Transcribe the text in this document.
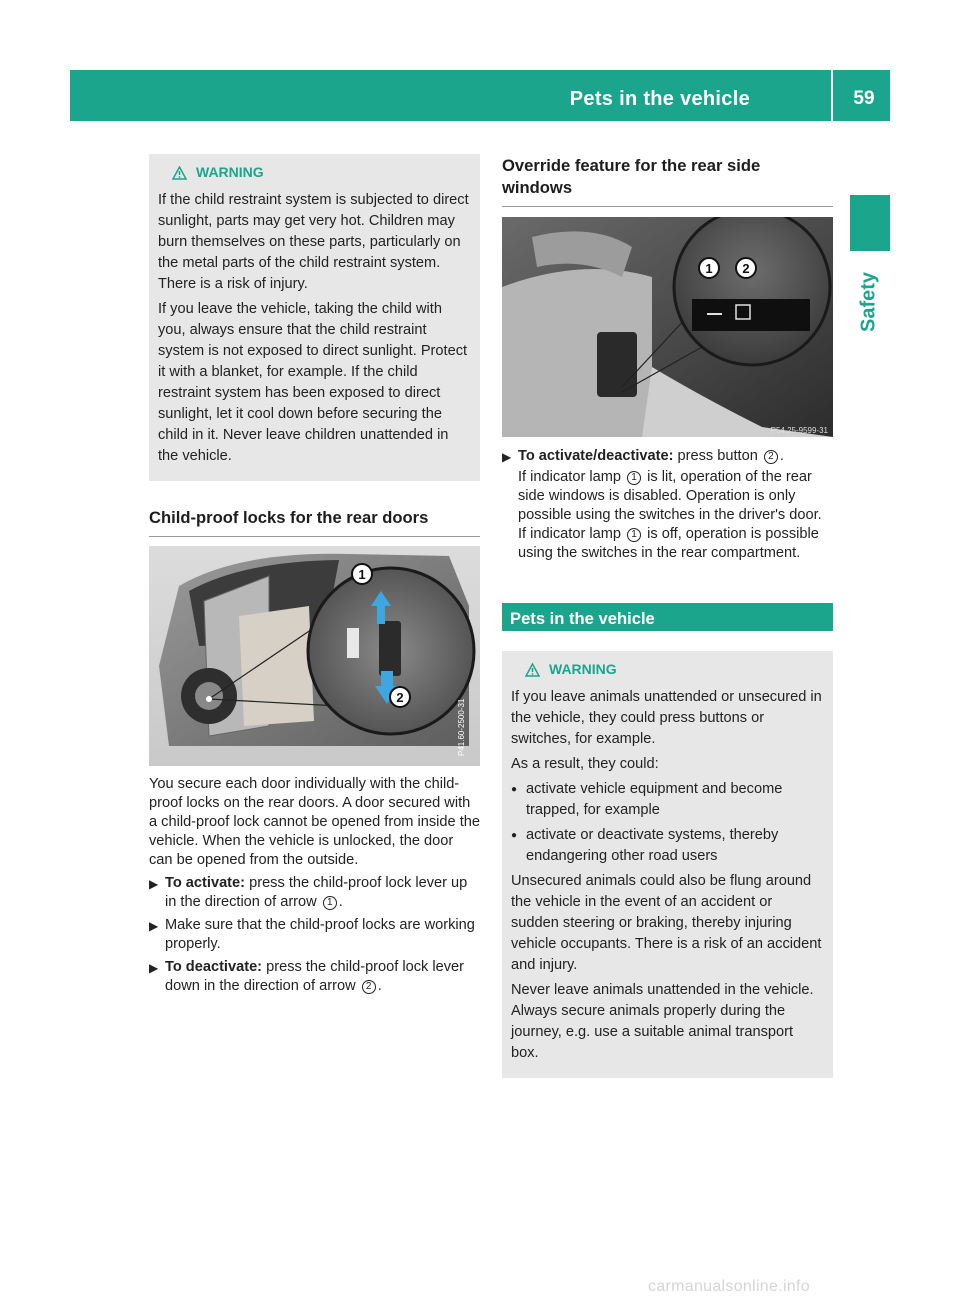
Pets in the vehicle	59
Safety
WARNING

If the child restraint system is subjected to direct sunlight, parts may get very hot. Children may burn themselves on these parts, particularly on the metal parts of the child restraint system. There is a risk of injury.

If you leave the vehicle, taking the child with you, always ensure that the child restraint system is not exposed to direct sunlight. Protect it with a blanket, for example. If the child restraint system has been exposed to direct sunlight, let it cool down before securing the child in it. Never leave children unattended in the vehicle.

Child-proof locks for the rear doors
P41.60-2500-31
1
2

You secure each door individually with the child-proof locks on the rear doors. A door secured with a child-proof lock cannot be opened from inside the vehicle. When the vehicle is unlocked, the door can be opened from the outside.

▶ To activate: press the child-proof lock lever up in the direction of arrow 1 .
▶ Make sure that the child-proof locks are working properly.
▶ To deactivate: press the child-proof lock lever down in the direction of arrow 2 .
Override feature for the rear side windows
P54.25-9599-31
1	2
▶ To activate/deactivate: press button 2 .

If indicator lamp 1 is lit, operation of the rear side windows is disabled. Operation is only possible using the switches in the driver's door. If indicator lamp 1 is off, operation is possible using the switches in the rear compartment.

Pets in the vehicle
WARNING

If you leave animals unattended or unsecured in the vehicle, they could press buttons or switches, for example.

As a result, they could:

● activate vehicle equipment and become trapped, for example
● activate or deactivate systems, thereby endangering other road users

Unsecured animals could also be flung around the vehicle in the event of an accident or sudden steering or braking, thereby injuring vehicle occupants. There is a risk of an accident and injury.

Never leave animals unattended in the vehicle. Always secure animals properly during the journey, e.g. use a suitable animal transport box.

carmanualsonline.info
